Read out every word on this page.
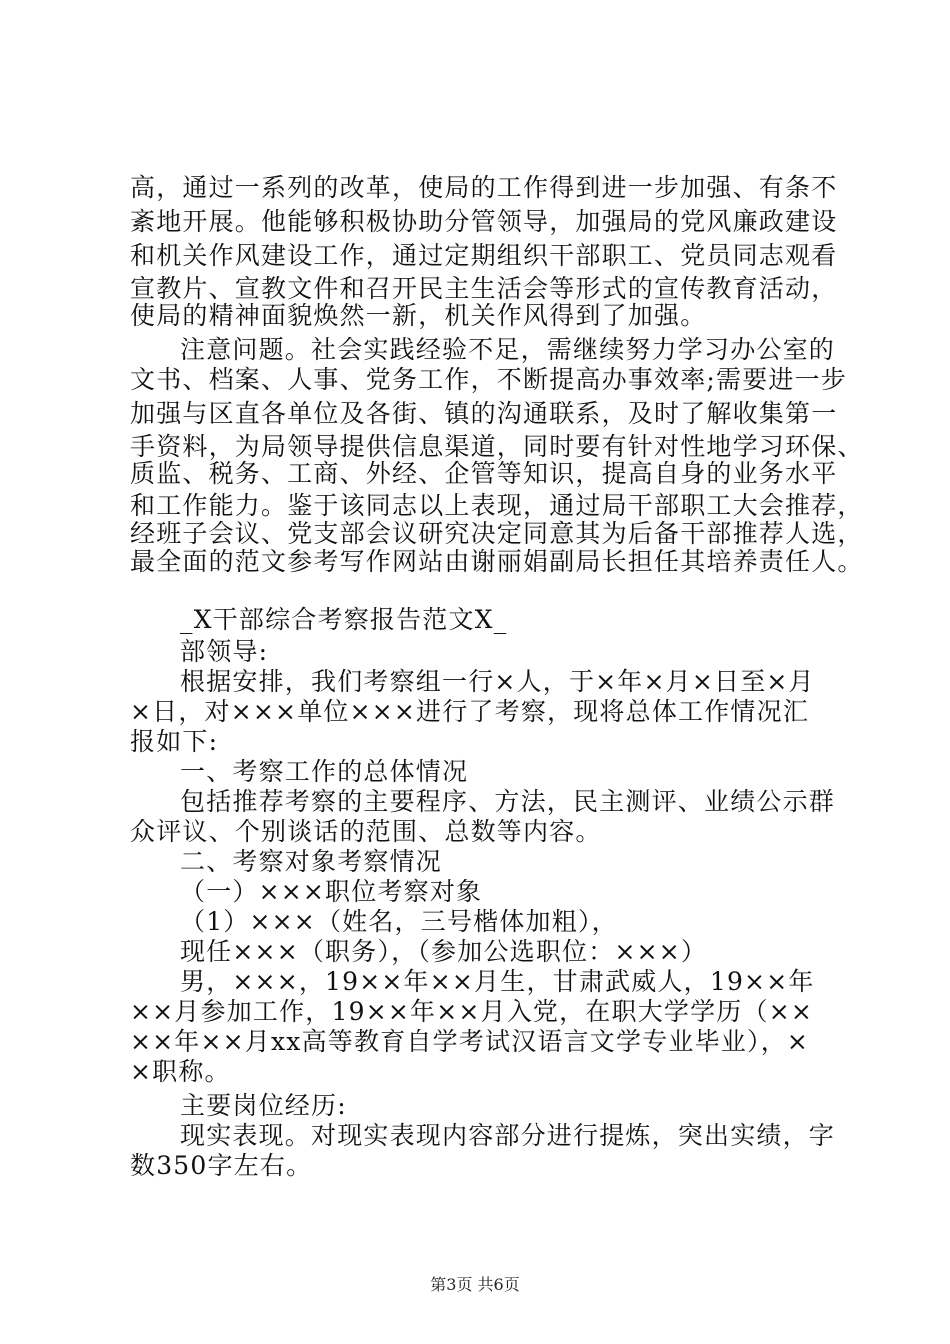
高，通过一系列的改革，使局的工作得到进一步加强、有条不
紊地开展。他能够积极协助分管领导，加强局的党风廉政建设
和机关作风建设工作，通过定期组织干部职工、党员同志观看
宣教片、宣教文件和召开民主生活会等形式的宣传教育活动，
使局的精神面貌焕然一新，机关作风得到了加强。
注意问题。社会实践经验不足，需继续努力学习办公室的
文书、档案、人事、党务工作，不断提高办事效率;需要进一步
加强与区直各单位及各街、镇的沟通联系，及时了解收集第一
手资料，为局领导提供信息渠道，同时要有针对性地学习环保、
质监、税务、工商、外经、企管等知识，提高自身的业务水平
和工作能力。鉴于该同志以上表现，通过局干部职工大会推荐，
经班子会议、党支部会议研究决定同意其为后备干部推荐人选，
最全面的范文参考写作网站由谢丽娟副局长担任其培养责任人。
_X干部综合考察报告范文X_
部领导:
根据安排，我们考察组一行×人，于×年×月×日至×月
×日，对×××单位×××进行了考察，现将总体工作情况汇
报如下:
一、考察工作的总体情况
包括推荐考察的主要程序、方法，民主测评、业绩公示群
众评议、个别谈话的范围、总数等内容。
二、考察对象考察情况
（一）×××职位考察对象
（1）×××（姓名，三号楷体加粗），
现任×××（职务），（参加公选职位：×××）
男，×××，19××年××月生，甘肃武威人，19××年
××月参加工作，19××年××月入党，在职大学学历（××
××年××月xx高等教育自学考试汉语言文学专业毕业），×
×职称。
主要岗位经历:
现实表现。对现实表现内容部分进行提炼，突出实绩，字
数350字左右。
第3页 共6页
